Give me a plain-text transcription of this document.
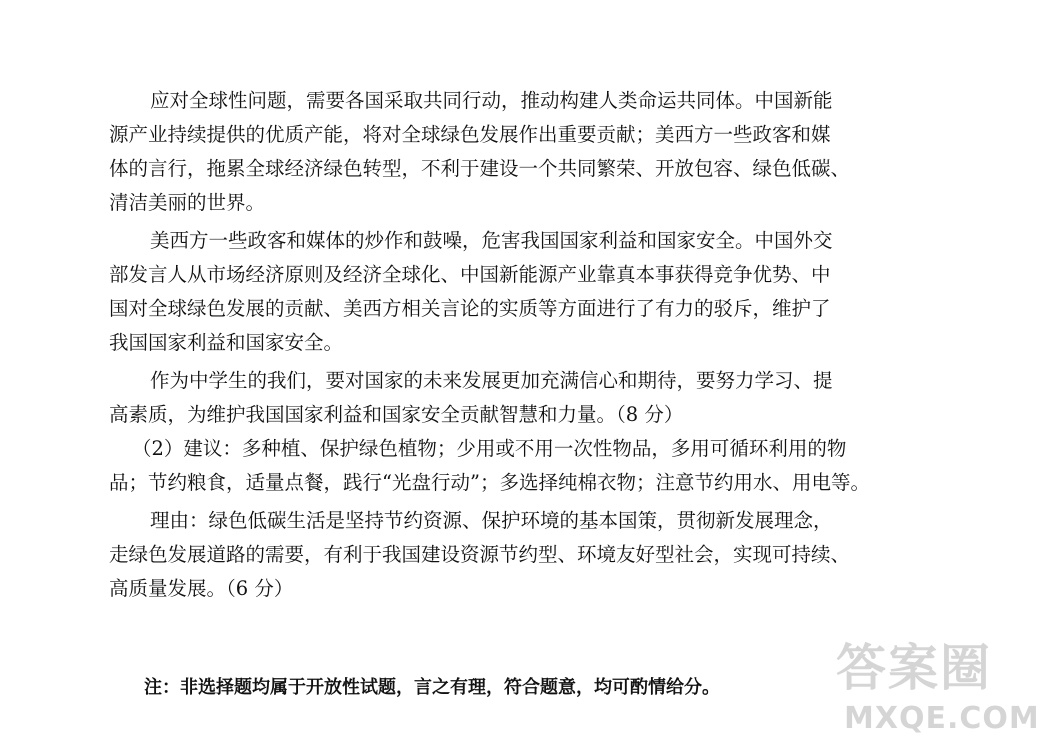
应对全球性问题，需要各国采取共同行动，推动构建人类命运共同体。中国新能
源产业持续提供的优质产能，将对全球绿色发展作出重要贡献；美西方一些政客和媒
体的言行，拖累全球经济绿色转型，不利于建设一个共同繁荣、开放包容、绿色低碳、
清洁美丽的世界。
美西方一些政客和媒体的炒作和鼓噪，危害我国国家利益和国家安全。中国外交
部发言人从市场经济原则及经济全球化、中国新能源产业靠真本事获得竞争优势、中
国对全球绿色发展的贡献、美西方相关言论的实质等方面进行了有力的驳斥，维护了
我国国家利益和国家安全。
作为中学生的我们，要对国家的未来发展更加充满信心和期待，要努力学习、提
高素质，为维护我国国家利益和国家安全贡献智慧和力量。（8 分）
（2）建议：多种植、保护绿色植物；少用或不用一次性物品，多用可循环利用的物
品；节约粮食，适量点餐，践行“光盘行动”；多选择纯棉衣物；注意节约用水、用电等。
理由：绿色低碳生活是坚持节约资源、保护环境的基本国策，贯彻新发展理念，
走绿色发展道路的需要，有利于我国建设资源节约型、环境友好型社会，实现可持续、
高质量发展。（6 分）
注：非选择题均属于开放性试题，言之有理，符合题意，均可酌情给分。	答案圈
MXQE.COM
